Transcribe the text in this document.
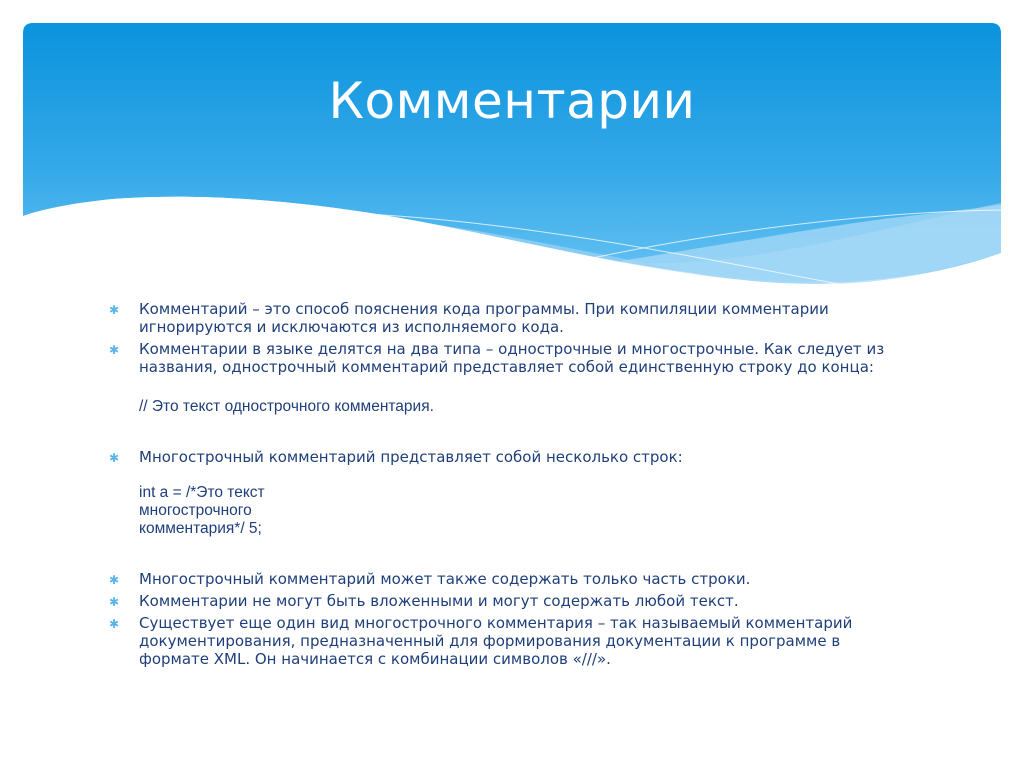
Комментарии
✱ Комментарий – это способ пояснения кода программы. При компиляции комментарии
игнорируются и исключаются из исполняемого кода.
✱ Комментарии в языке делятся на два типа – однострочные и многострочные. Как следует из
названия, однострочный комментарий представляет собой единственную строку до конца:
// Это текст однострочного комментария.
✱ Многострочный комментарий представляет собой несколько строк:
int a = /*Это текст
многострочного
комментария*/ 5;
✱ Многострочный комментарий может также содержать только часть строки.
✱ Комментарии не могут быть вложенными и могут содержать любой текст.
✱ Существует еще один вид многострочного комментария – так называемый комментарий
документирования, предназначенный для формирования документации к программе в
формате XML. Он начинается с комбинации символов «///».
